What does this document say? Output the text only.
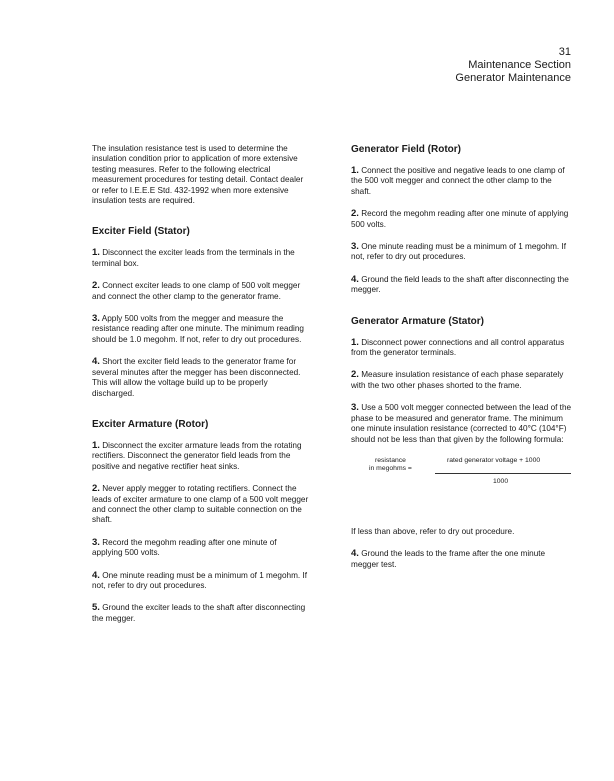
31
Maintenance Section
Generator Maintenance

The insulation resistance test is used to determine the insulation condition prior to application of more extensive testing measures. Refer to the following electrical measurement procedures for testing detail. Contact dealer or refer to I.E.E.E Std. 432-1992 when more extensive insulation tests are required.

Exciter Field (Stator)

1. Disconnect the exciter leads from the terminals in the terminal box.

2. Connect exciter leads to one clamp of 500 volt megger and connect the other clamp to the generator frame.

3. Apply 500 volts from the megger and measure the resistance reading after one minute. The minimum reading should be 1.0 megohm. If not, refer to dry out procedures.

4. Short the exciter field leads to the generator frame for several minutes after the megger has been disconnected. This will allow the voltage build up to be properly discharged.

Exciter Armature (Rotor)

1. Disconnect the exciter armature leads from the rotating rectifiers. Disconnect the generator field leads from the positive and negative rectifier heat sinks.

2. Never apply megger to rotating rectifiers. Connect the leads of exciter armature to one clamp of a 500 volt megger and connect the other clamp to suitable connection on the shaft.

3. Record the megohm reading after one minute of applying 500 volts.

4. One minute reading must be a minimum of 1 megohm. If not, refer to dry out procedures.

5. Ground the exciter leads to the shaft after disconnecting the megger.

Generator Field (Rotor)

1. Connect the positive and negative leads to one clamp of the 500 volt megger and connect the other clamp to the shaft.

2. Record the megohm reading after one minute of applying 500 volts.

3. One minute reading must be a minimum of 1 megohm. If not, refer to dry out procedures.

4. Ground the field leads to the shaft after disconnecting the megger.

Generator Armature (Stator)

1. Disconnect power connections and all control apparatus from the generator terminals.

2. Measure insulation resistance of each phase separately with the two other phases shorted to the frame.

3. Use a 500 volt megger connected between the lead of the phase to be measured and generator frame. The minimum one minute insulation resistance (corrected to 40°C (104°F) should not be less than that given by the following formula:

resistance
in megohms =
rated generator voltage + 1000
1000

If less than above, refer to dry out procedure.

4. Ground the leads to the frame after the one minute megger test.
